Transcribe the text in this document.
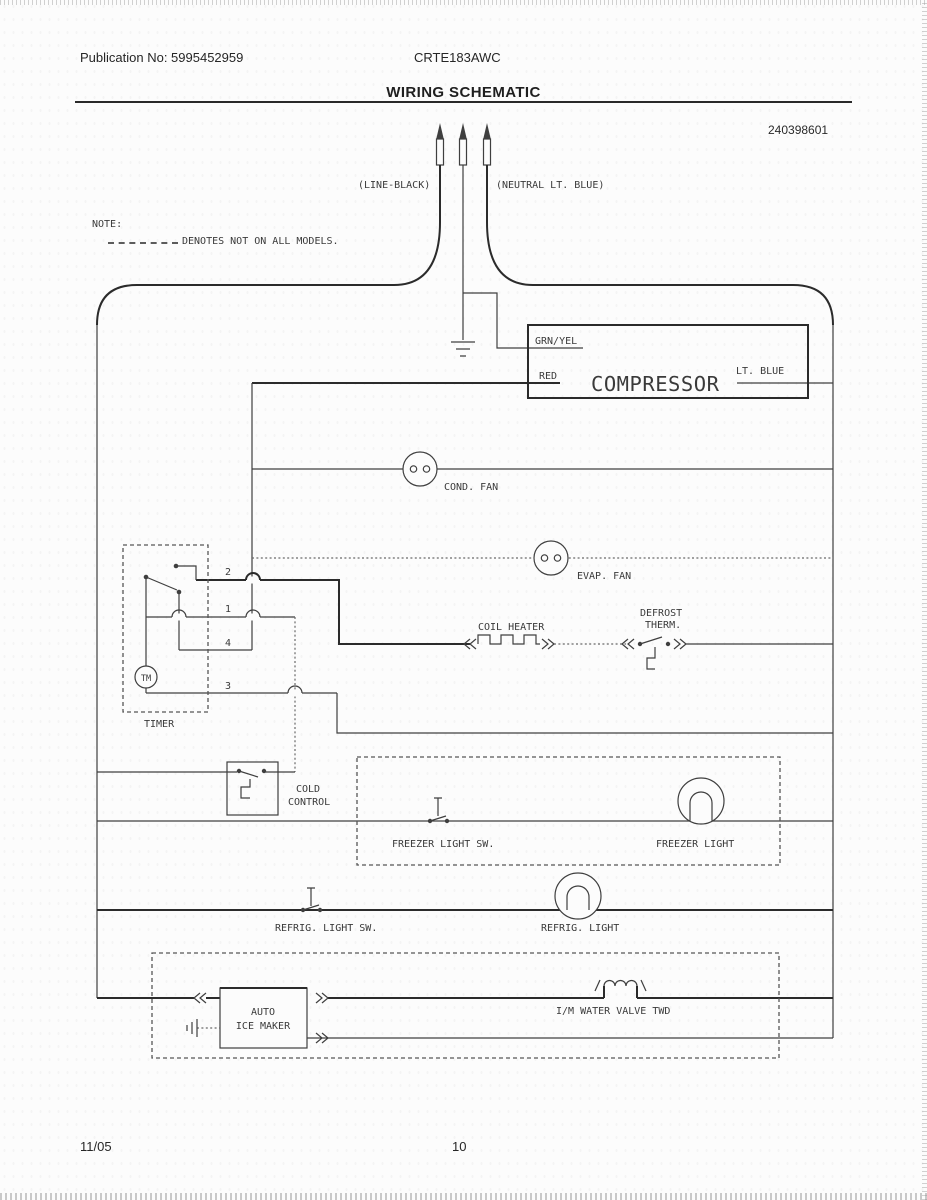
Publication No: 5995452959	CRTE183AWC
WIRING SCHEMATIC
240398601
NOTE:
DENOTES NOT ON ALL MODELS.
(LINE-BLACK)	(NEUTRAL LT. BLUE)
GRN/YEL
RED COMPRESSOR
LT. BLUE
COND. FAN
EVAP. FAN
TM
TIMER
2
1
4
3
COIL HEATER
DEFROST
THERM.
COLD
CONTROL
FREEZER LIGHT SW.	FREEZER LIGHT
REFRIG. LIGHT SW.	REFRIG. LIGHT
AUTO
ICE MAKER
I/M WATER VALVE TWD
11/05	10
